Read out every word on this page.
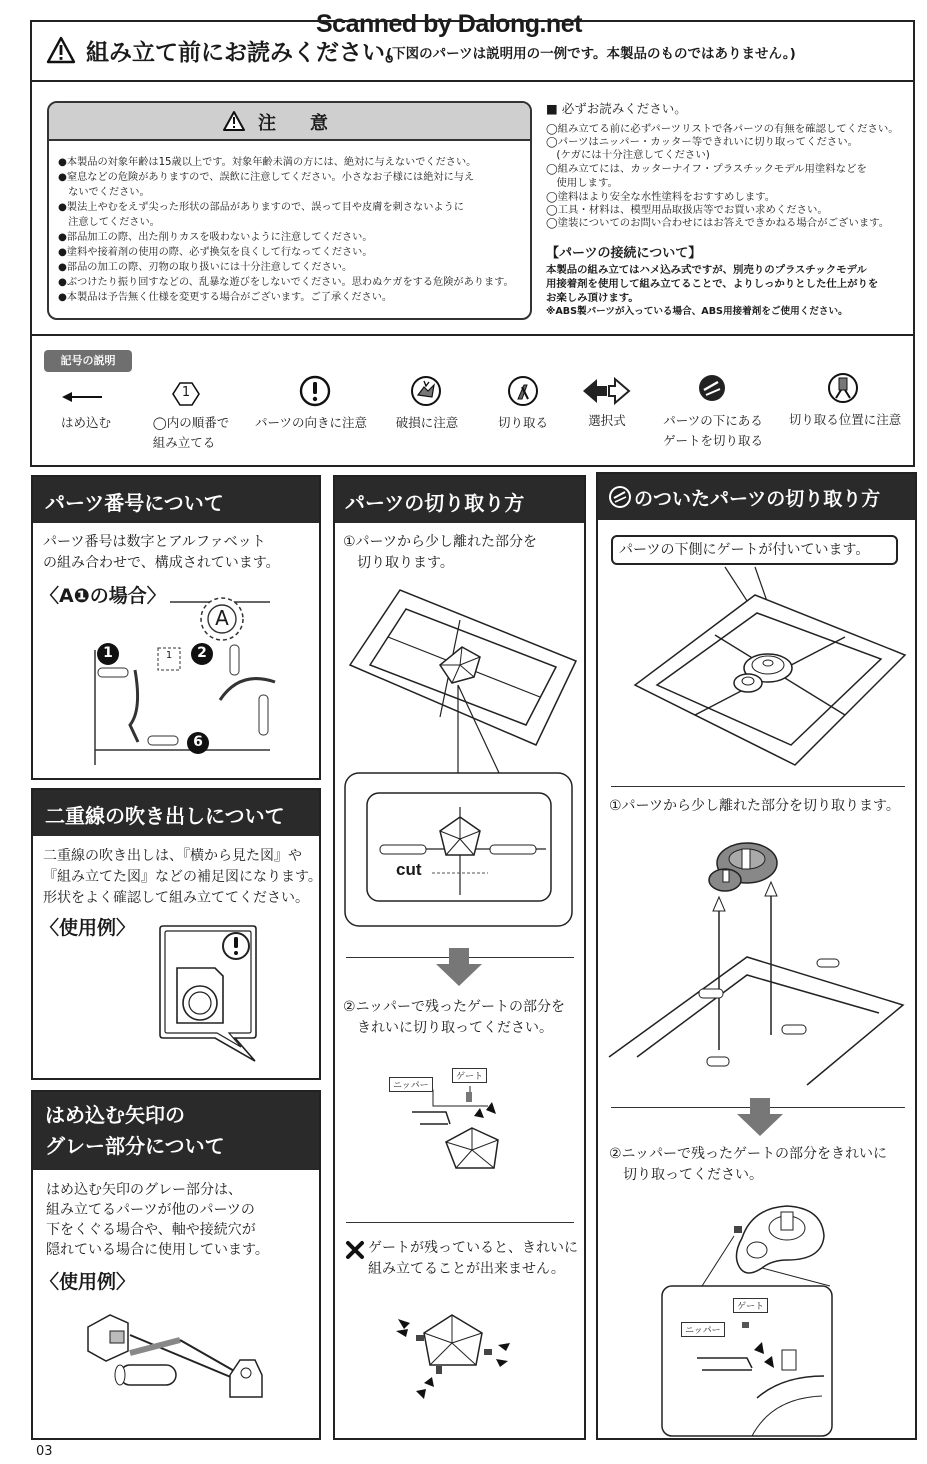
Scanned by Dalong.net
組み立て前にお読みください。
(下図のパーツは説明用の一例です。本製品のものではありません。)
注　意
●本製品の対象年齢は15歳以上です。対象年齢未満の方には、絶対に与えないでください。
●窒息などの危険がありますので、誤飲に注意してください。小さなお子様には絶対に与え
　ないでください。
●製法上やむをえず尖った形状の部品がありますので、誤って目や皮膚を刺さないように
　注意してください。
●部品加工の際、出た削りカスを吸わないように注意してください。
●塗料や接着剤の使用の際、必ず換気を良くして行なってください。
●部品の加工の際、刃物の取り扱いには十分注意してください。
●ぶつけたり振り回すなどの、乱暴な遊びをしないでください。思わぬケガをする危険があります。
●本製品は予告無く仕様を変更する場合がございます。ご了承ください。
■ 必ずお読みください。
◯組み立てる前に必ずパーツリストで各パーツの有無を確認してください。
◯パーツはニッパー・カッター等できれいに切り取ってください。
　(ケガには十分注意してください)
◯組み立てには、カッターナイフ・プラスチックモデル用塗料などを
　使用します。
◯塗料はより安全な水性塗料をおすすめします。
◯工具・材料は、模型用品取扱店等でお買い求めください。
◯塗装についてのお問い合わせにはお答えできかねる場合がございます。
【パーツの接続について】
本製品の組み立てはハメ込み式ですが、別売りのプラスチックモデル
用接着剤を使用して組み立てることで、よりしっかりとした仕上がりを
お楽しみ頂けます。
※ABS製パーツが入っている場合、ABS用接着剤をご使用ください。
記号の説明
はめ込む
1
◯内の順番で
組み立てる
パーツの向きに注意	破損に注意	切り取る	選択式	パーツの下にある
ゲートを切り取る
切り取る位置に注意
パーツ番号について
パーツ番号は数字とアルファベット
の組み合わせで、構成されています。
〈A❶の場合〉
A
1	2
6
1
二重線の吹き出しについて
二重線の吹き出しは、『横から見た図』や
『組み立てた図』などの補足図になります。
形状をよく確認して組み立ててください。
〈使用例〉
はめ込む矢印の
グレー部分について
はめ込む矢印のグレー部分は、
組み立てるパーツが他のパーツの
下をくぐる場合や、軸や接続穴が
隠れている場合に使用しています。
〈使用例〉
パーツの切り取り方
①パーツから少し離れた部分を
　切り取ります。
cut
②ニッパーで残ったゲートの部分を
　きれいに切り取ってください。
ニッパー
ゲート
ゲートが残っていると、きれいに
組み立てることが出来ません。
のついたパーツの切り取り方
パーツの下側にゲートが付いています。
①パーツから少し離れた部分を切り取ります。
②ニッパーで残ったゲートの部分をきれいに
　切り取ってください。
ゲート
ニッパー
03
